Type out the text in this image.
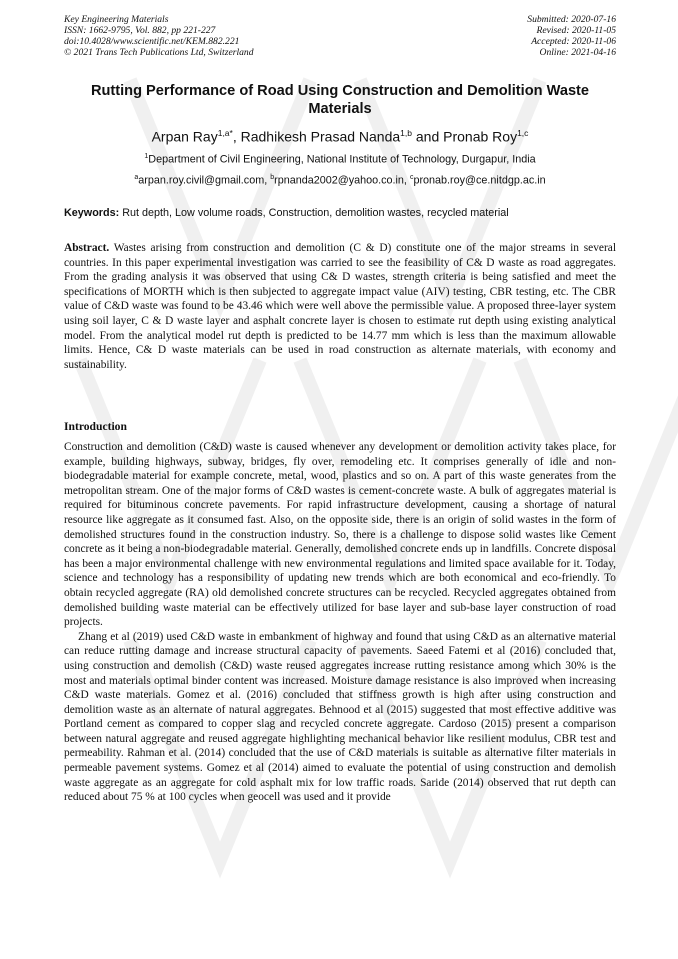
Key Engineering Materials
ISSN: 1662-9795, Vol. 882, pp 221-227
doi:10.4028/www.scientific.net/KEM.882.221
© 2021 Trans Tech Publications Ltd, Switzerland
Submitted: 2020-07-16
Revised: 2020-11-05
Accepted: 2020-11-06
Online: 2021-04-16
Rutting Performance of Road Using Construction and Demolition Waste Materials
Arpan Ray$^{1,a*}$, Radhikesh Prasad Nanda$^{1,b}$ and Pronab Roy$^{1,c}$
$^1$Department of Civil Engineering, National Institute of Technology, Durgapur, India
$^a$arpan.roy.civil@gmail.com, $^b$rpnanda2002@yahoo.co.in, $^c$pronab.roy@ce.nitdgp.ac.in
Keywords: Rut depth, Low volume roads, Construction, demolition wastes, recycled material
Abstract. Wastes arising from construction and demolition (C & D) constitute one of the major streams in several countries. In this paper experimental investigation was carried to see the feasibility of C& D waste as road aggregates. From the grading analysis it was observed that using C& D wastes, strength criteria is being satisfied and meet the specifications of MORTH which is then subjected to aggregate impact value (AIV) testing, CBR testing, etc. The CBR value of C&D waste was found to be 43.46 which were well above the permissible value. A proposed three-layer system using soil layer, C & D waste layer and asphalt concrete layer is chosen to estimate rut depth using existing analytical model. From the analytical model rut depth is predicted to be 14.77 mm which is less than the maximum allowable limits. Hence, C& D waste materials can be used in road construction as alternate materials, with economy and sustainability.
Introduction

Construction and demolition (C&D) waste is caused whenever any development or demolition activity takes place, for example, building highways, subway, bridges, fly over, remodeling etc. It comprises generally of idle and non-biodegradable material for example concrete, metal, wood, plastics and so on. A part of this waste generates from the metropolitan stream. One of the major forms of C&D wastes is cement-concrete waste. A bulk of aggregates material is required for bituminous concrete pavements. For rapid infrastructure development, causing a shortage of natural resource like aggregate as it consumed fast. Also, on the opposite side, there is an origin of solid wastes in the form of demolished structures found in the construction industry. So, there is a challenge to dispose solid wastes like Cement concrete as it being a non-biodegradable material. Generally, demolished concrete ends up in landfills. Concrete disposal has been a major environmental challenge with new environmental regulations and limited space available for it. Today, science and technology has a responsibility of updating new trends which are both economical and eco-friendly. To obtain recycled aggregate (RA) old demolished concrete structures can be recycled. Recycled aggregates obtained from demolished building waste material can be effectively utilized for base layer and sub-base layer construction of road projects.

Zhang et al (2019) used C&D waste in embankment of highway and found that using C&D as an alternative material can reduce rutting damage and increase structural capacity of pavements. Saeed Fatemi et al (2016) concluded that, using construction and demolish (C&D) waste reused aggregates increase rutting resistance among which 30% is the most and materials optimal binder content was increased. Moisture damage resistance is also improved when increasing C&D waste materials. Gomez et al. (2016) concluded that stiffness growth is high after using construction and demolition waste as an alternate of natural aggregates. Behnood et al (2015) suggested that most effective additive was Portland cement as compared to copper slag and recycled concrete aggregate. Cardoso (2015) present a comparison between natural aggregate and reused aggregate highlighting mechanical behavior like resilient modulus, CBR test and permeability. Rahman et al. (2014) concluded that the use of C&D materials is suitable as alternative filter materials in permeable pavement systems. Gomez et al (2014) aimed to evaluate the potential of using construction and demolish waste aggregate as an aggregate for cold asphalt mix for low traffic roads. Saride (2014) observed that rut depth can reduced about 75 % at 100 cycles when geocell was used and it provide
